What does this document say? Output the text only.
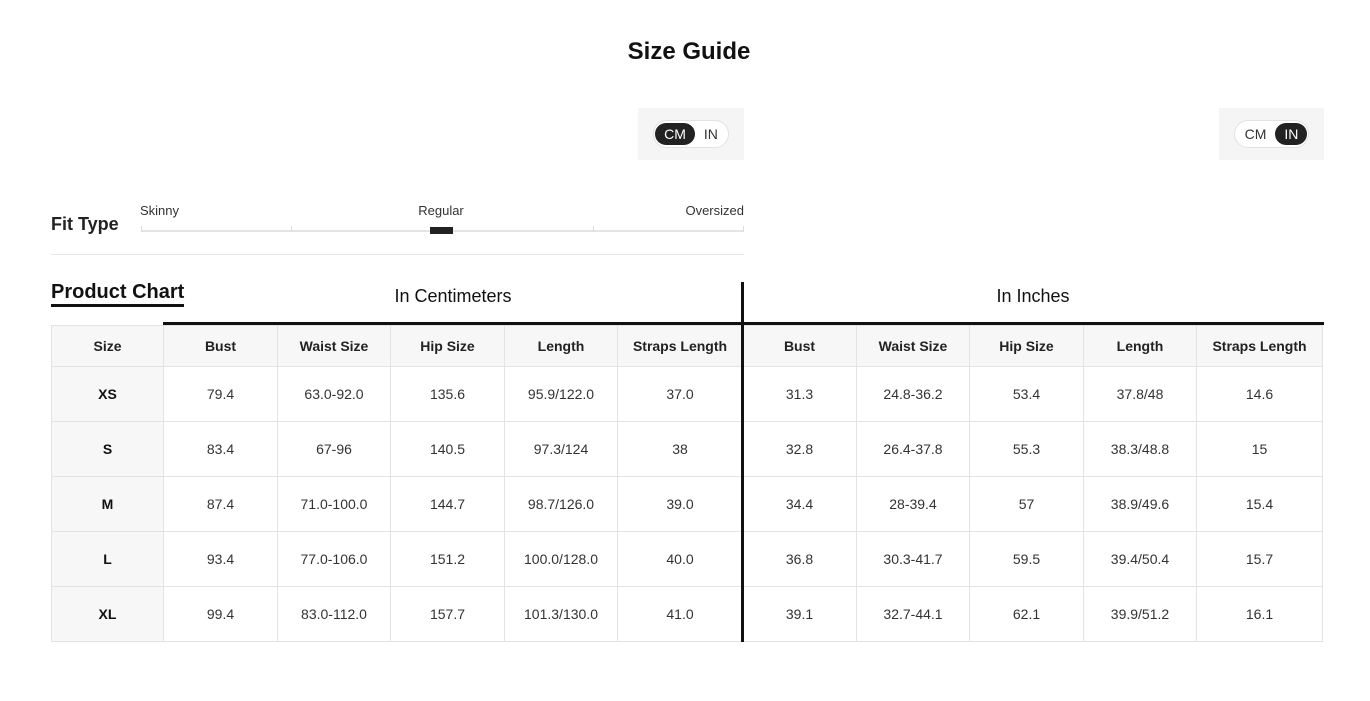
Size Guide
CM	IN	CM	IN
Fit Type
Skinny	Regular	Oversized
Product Chart	In Centimeters	In Inches
Size	Bust	Waist Size	Hip Size	Length	Straps Length	Bust	Waist Size	Hip Size	Length	Straps Length
XS	79.4	63.0-92.0	135.6	95.9/122.0	37.0	31.3	24.8-36.2	53.4	37.8/48	14.6
S	83.4	67-96	140.5	97.3/124	38	32.8	26.4-37.8	55.3	38.3/48.8	15
M	87.4	71.0-100.0	144.7	98.7/126.0	39.0	34.4	28-39.4	57	38.9/49.6	15.4
L	93.4	77.0-106.0	151.2	100.0/128.0	40.0	36.8	30.3-41.7	59.5	39.4/50.4	15.7
XL	99.4	83.0-112.0	157.7	101.3/130.0	41.0	39.1	32.7-44.1	62.1	39.9/51.2	16.1
